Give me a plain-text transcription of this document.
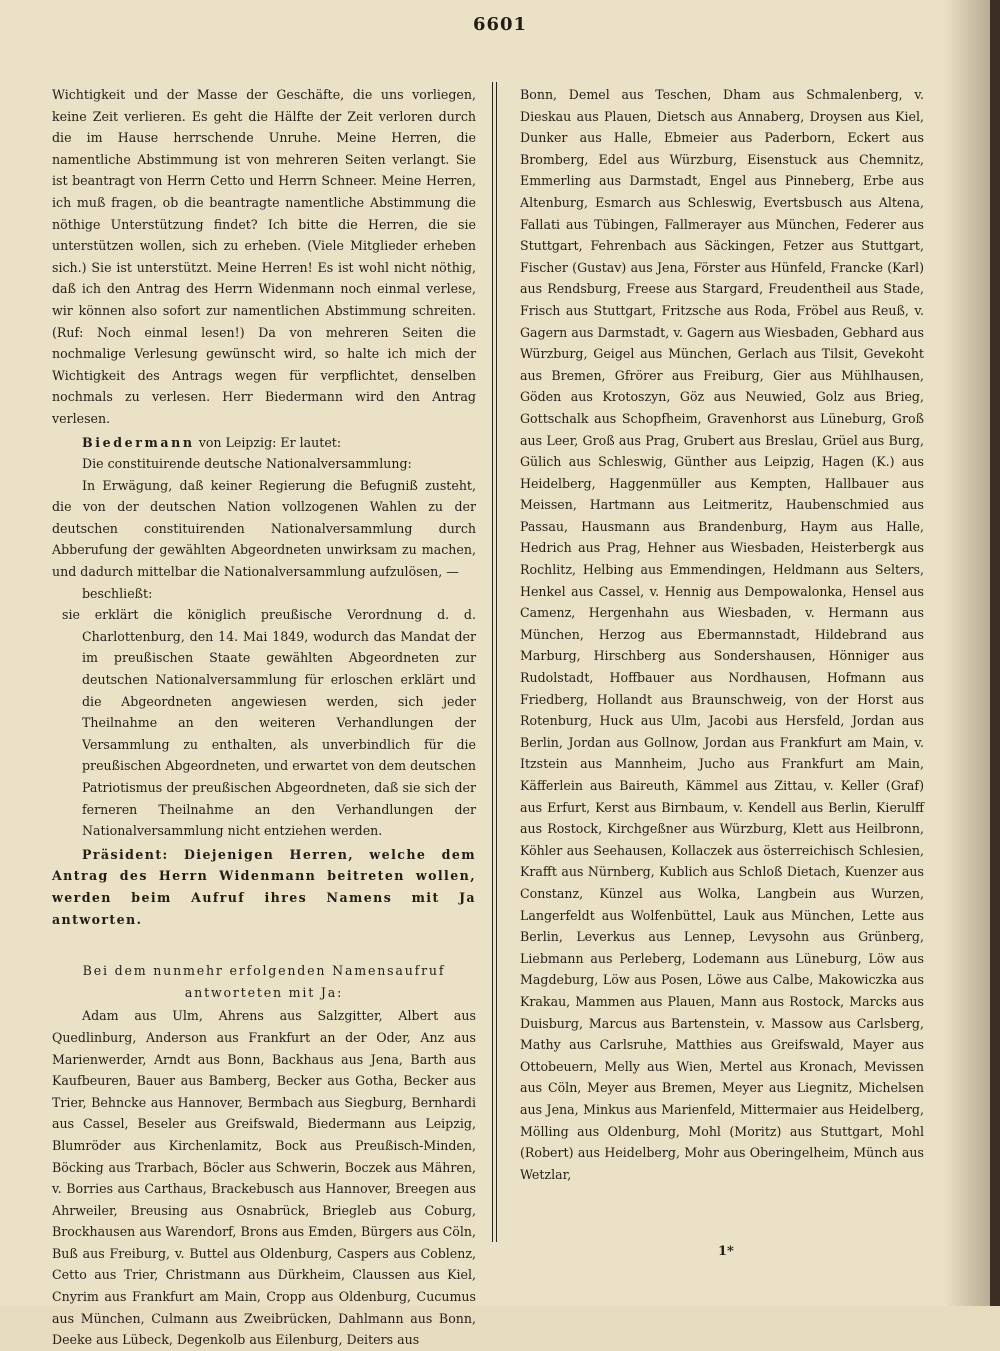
6601

Wichtigkeit und der Masse der Geschäfte, die uns vorliegen, keine Zeit verlieren. Es geht die Hälfte der Zeit verloren durch die im Hause herrschende Unruhe. Meine Herren, die namentliche Abstimmung ist von mehreren Seiten verlangt. Sie ist beantragt von Herrn Cetto und Herrn Schneer. Meine Herren, ich muß fragen, ob die beantragte namentliche Abstimmung die nöthige Unterstützung findet? Ich bitte die Herren, die sie unterstützen wollen, sich zu erheben. (Viele Mitglieder erheben sich.) Sie ist unterstützt. Meine Herren! Es ist wohl nicht nöthig, daß ich den Antrag des Herrn Widenmann noch einmal verlese, wir können also sofort zur namentlichen Abstimmung schreiten. (Ruf: Noch einmal lesen!) Da von mehreren Seiten die nochmalige Verlesung gewünscht wird, so halte ich mich der Wichtigkeit des Antrags wegen für verpflichtet, denselben nochmals zu verlesen. Herr Biedermann wird den Antrag verlesen.

Biedermann von Leipzig: Er lautet:

Die constituirende deutsche Nationalversammlung:

In Erwägung, daß keiner Regierung die Befugniß zusteht, die von der deutschen Nation vollzogenen Wahlen zu der deutschen constituirenden Nationalversammlung durch Abberufung der gewählten Abgeordneten unwirksam zu machen, und dadurch mittelbar die Nationalversammlung aufzulösen, —

beschließt:

sie erklärt die königlich preußische Verordnung d. d. Charlottenburg, den 14. Mai 1849, wodurch das Mandat der im preußischen Staate gewählten Abgeordneten zur deutschen Nationalversammlung für erloschen erklärt und die Abgeordneten angewiesen werden, sich jeder Theilnahme an den weiteren Verhandlungen der Versammlung zu enthalten, als unverbindlich für die preußischen Abgeordneten, und erwartet von dem deutschen Patriotismus der preußischen Abgeordneten, daß sie sich der ferneren Theilnahme an den Verhandlungen der Nationalversammlung nicht entziehen werden.

Präsident: Diejenigen Herren, welche dem Antrag des Herrn Widenmann beitreten wollen, werden beim Aufruf ihres Namens mit Ja antworten.

Bei dem nunmehr erfolgenden Namensaufruf antworteten mit Ja:

Adam aus Ulm, Ahrens aus Salzgitter, Albert aus Quedlinburg, Anderson aus Frankfurt an der Oder, Anz aus Marienwerder, Arndt aus Bonn, Backhaus aus Jena, Barth aus Kaufbeuren, Bauer aus Bamberg, Becker aus Gotha, Becker aus Trier, Behncke aus Hannover, Bermbach aus Siegburg, Bernhardi aus Cassel, Beseler aus Greifswald, Biedermann aus Leipzig, Blumröder aus Kirchenlamitz, Bock aus Preußisch-Minden, Böcking aus Trarbach, Böcler aus Schwerin, Boczek aus Mähren, v. Borries aus Carthaus, Brackebusch aus Hannover, Breegen aus Ahrweiler, Breusing aus Osnabrück, Briegleb aus Coburg, Brockhausen aus Warendorf, Brons aus Emden, Bürgers aus Cöln, Buß aus Freiburg, v. Buttel aus Oldenburg, Caspers aus Coblenz, Cetto aus Trier, Christmann aus Dürkheim, Claussen aus Kiel, Cnyrim aus Frankfurt am Main, Cropp aus Oldenburg, Cucumus aus München, Culmann aus Zweibrücken, Dahlmann aus Bonn, Deeke aus Lübeck, Degenkolb aus Eilenburg, Deiters aus

Bonn, Demel aus Teschen, Dham aus Schmalenberg, v. Dieskau aus Plauen, Dietsch aus Annaberg, Droysen aus Kiel, Dunker aus Halle, Ebmeier aus Paderborn, Eckert aus Bromberg, Edel aus Würzburg, Eisenstuck aus Chemnitz, Emmerling aus Darmstadt, Engel aus Pinneberg, Erbe aus Altenburg, Esmarch aus Schleswig, Evertsbusch aus Altena, Fallati aus Tübingen, Fallmerayer aus München, Federer aus Stuttgart, Fehrenbach aus Säckingen, Fetzer aus Stuttgart, Fischer (Gustav) aus Jena, Förster aus Hünfeld, Francke (Karl) aus Rendsburg, Freese aus Stargard, Freudentheil aus Stade, Frisch aus Stuttgart, Fritzsche aus Roda, Fröbel aus Reuß, v. Gagern aus Darmstadt, v. Gagern aus Wiesbaden, Gebhard aus Würzburg, Geigel aus München, Gerlach aus Tilsit, Gevekoht aus Bremen, Gfrörer aus Freiburg, Gier aus Mühlhausen, Göden aus Krotoszyn, Göz aus Neuwied, Golz aus Brieg, Gottschalk aus Schopfheim, Gravenhorst aus Lüneburg, Groß aus Leer, Groß aus Prag, Grubert aus Breslau, Grüel aus Burg, Gülich aus Schleswig, Günther aus Leipzig, Hagen (K.) aus Heidelberg, Haggenmüller aus Kempten, Hallbauer aus Meissen, Hartmann aus Leitmeritz, Haubenschmied aus Passau, Hausmann aus Brandenburg, Haym aus Halle, Hedrich aus Prag, Hehner aus Wiesbaden, Heisterbergk aus Rochlitz, Helbing aus Emmendingen, Heldmann aus Selters, Henkel aus Cassel, v. Hennig aus Dempowalonka, Hensel aus Camenz, Hergenhahn aus Wiesbaden, v. Hermann aus München, Herzog aus Ebermannstadt, Hildebrand aus Marburg, Hirschberg aus Sondershausen, Hönniger aus Rudolstadt, Hoffbauer aus Nordhausen, Hofmann aus Friedberg, Hollandt aus Braunschweig, von der Horst aus Rotenburg, Huck aus Ulm, Jacobi aus Hersfeld, Jordan aus Berlin, Jordan aus Gollnow, Jordan aus Frankfurt am Main, v. Itzstein aus Mannheim, Jucho aus Frankfurt am Main, Käfferlein aus Baireuth, Kämmel aus Zittau, v. Keller (Graf) aus Erfurt, Kerst aus Birnbaum, v. Kendell aus Berlin, Kierulff aus Rostock, Kirchgeßner aus Würzburg, Klett aus Heilbronn, Köhler aus Seehausen, Kollaczek aus österreichisch Schlesien, Krafft aus Nürnberg, Kublich aus Schloß Dietach, Kuenzer aus Constanz, Künzel aus Wolka, Langbein aus Wurzen, Langerfeldt aus Wolfenbüttel, Lauk aus München, Lette aus Berlin, Leverkus aus Lennep, Levysohn aus Grünberg, Liebmann aus Perleberg, Lodemann aus Lüneburg, Löw aus Magdeburg, Löw aus Posen, Löwe aus Calbe, Makowiczka aus Krakau, Mammen aus Plauen, Mann aus Rostock, Marcks aus Duisburg, Marcus aus Bartenstein, v. Massow aus Carlsberg, Mathy aus Carlsruhe, Matthies aus Greifswald, Mayer aus Ottobeuern, Melly aus Wien, Mertel aus Kronach, Mevissen aus Cöln, Meyer aus Bremen, Meyer aus Liegnitz, Michelsen aus Jena, Minkus aus Marienfeld, Mittermaier aus Heidelberg, Mölling aus Oldenburg, Mohl (Moritz) aus Stuttgart, Mohl (Robert) aus Heidelberg, Mohr aus Oberingelheim, Münch aus Wetzlar,

1*
